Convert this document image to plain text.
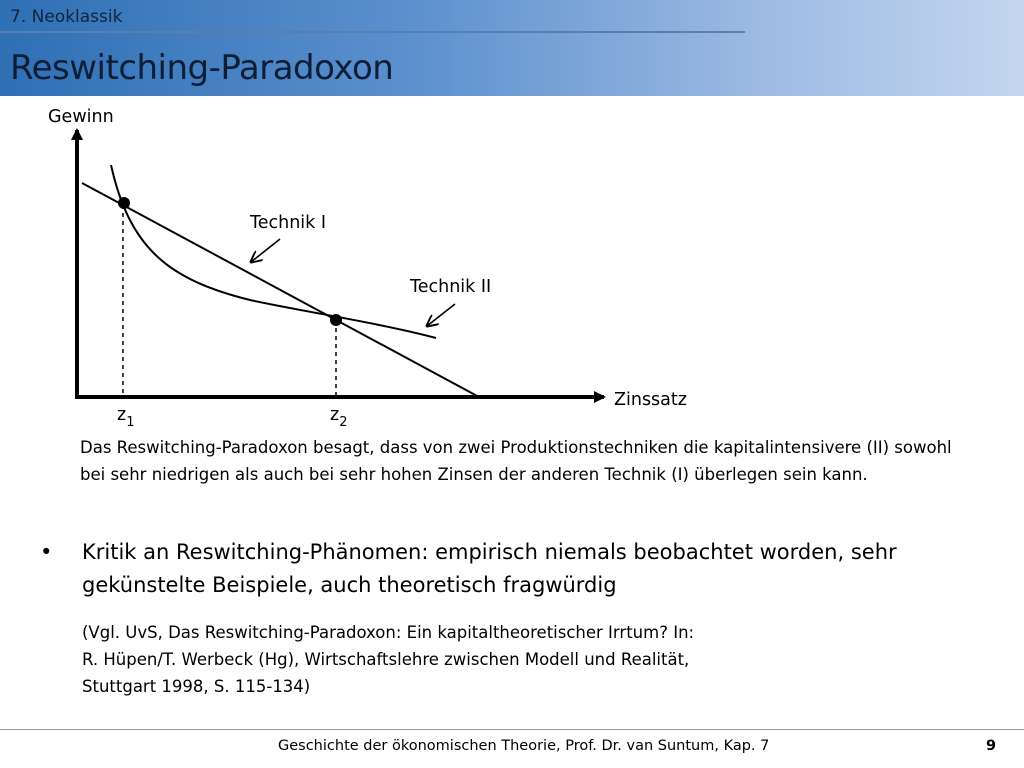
7. Neoklassik
Reswitching-Paradoxon
Gewinn
Zinssatz
Technik I
Technik II
$z_1$	$z_2$

Das Reswitching-Paradoxon besagt, dass von zwei Produktionstechniken die kapitalintensivere (II) sowohl bei sehr niedrigen als auch bei sehr hohen Zinsen der anderen Technik (I) überlegen sein kann.

• Kritik an Reswitching-Phänomen: empirisch niemals beobachtet worden, sehr gekünstelte Beispiele, auch theoretisch fragwürdig

(Vgl. UvS, Das Reswitching-Paradoxon: Ein kapitaltheoretischer Irrtum? In:
R. Hüpen/T. Werbeck (Hg), Wirtschaftslehre zwischen Modell und Realität,
Stuttgart 1998, S. 115-134)

Geschichte der ökonomischen Theorie, Prof. Dr. van Suntum, Kap. 7	9
